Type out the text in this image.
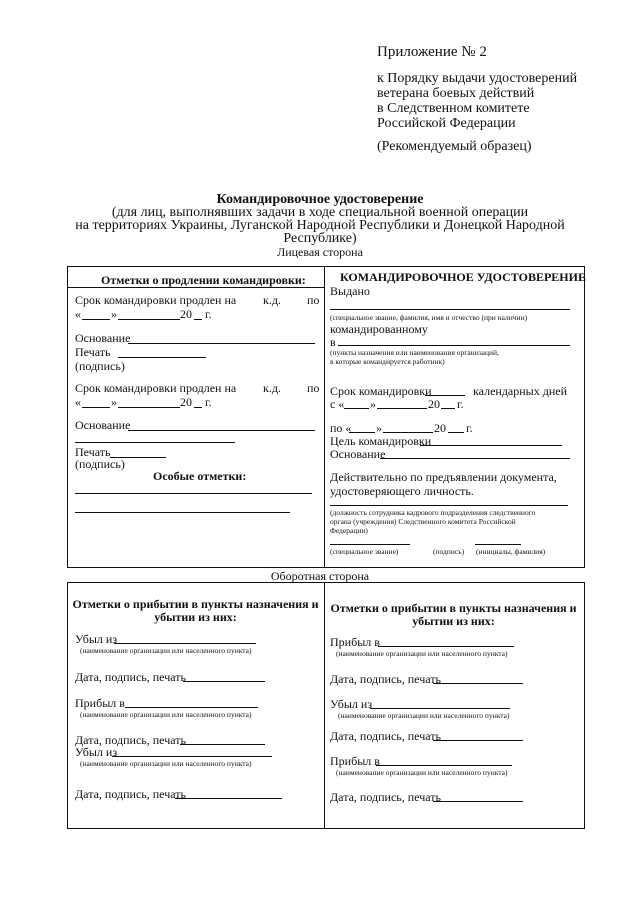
Приложение № 2
к Порядку выдачи удостоверений
ветерана боевых действий
в Следственном комитете
Российской Федерации
(Рекомендуемый образец)
Командировочное удостоверение
(для лиц, выполнявших задачи в ходе специальной военной операции
на территориях Украины, Луганской Народной Республики и Донецкой Народной
Республике)
Лицевая сторона
Отметки о продлении командировки:
Срок командировки продлен на к.д. по
«	»	20 г.
Основание
Печать
(подпись)
Срок командировки продлен на к.д. по
«	»	20 г.
Основание
Печать
(подпись)
Особые отметки:
КОМАНДИРОВОЧНОЕ УДОСТОВЕРЕНИЕ
Выдано
(специальное звание, фамилия, имя и отчество (при наличии)
командированному
в
(пункты назначения или наименования организаций,
в которые командируется работник)
Срок командировки	календарных дней
с « »	20 г.
по « »	20 г.
Цель командировки
Основание
Действительно по предъявлении документа,
удостоверяющего личность.
(должность сотрудника кадрового подразделения следственного
органа (учреждения) Следственного комитета Российской
Федерации)
(специальное звание)	(подпись) (инициалы, фамилия)
Оборотная сторона
Отметки о прибытии в пункты назначения и
убытии из них:
Убыл из
(наименование организации или населенного пункта)
Дата, подпись, печать
Прибыл в
(наименование организации или населенного пункта)
Дата, подпись, печать
Убыл из
(наименование организации или населенного пункта)
Дата, подпись, печать
Отметки о прибытии в пункты назначения и
убытии из них:
Прибыл в
(наименование организации или населенного пункта)
Дата, подпись, печать
Убыл из
(наименование организации или населенного пункта)
Дата, подпись, печать
Прибыл в
(наименование организации или населенного пункта)
Дата, подпись, печать
